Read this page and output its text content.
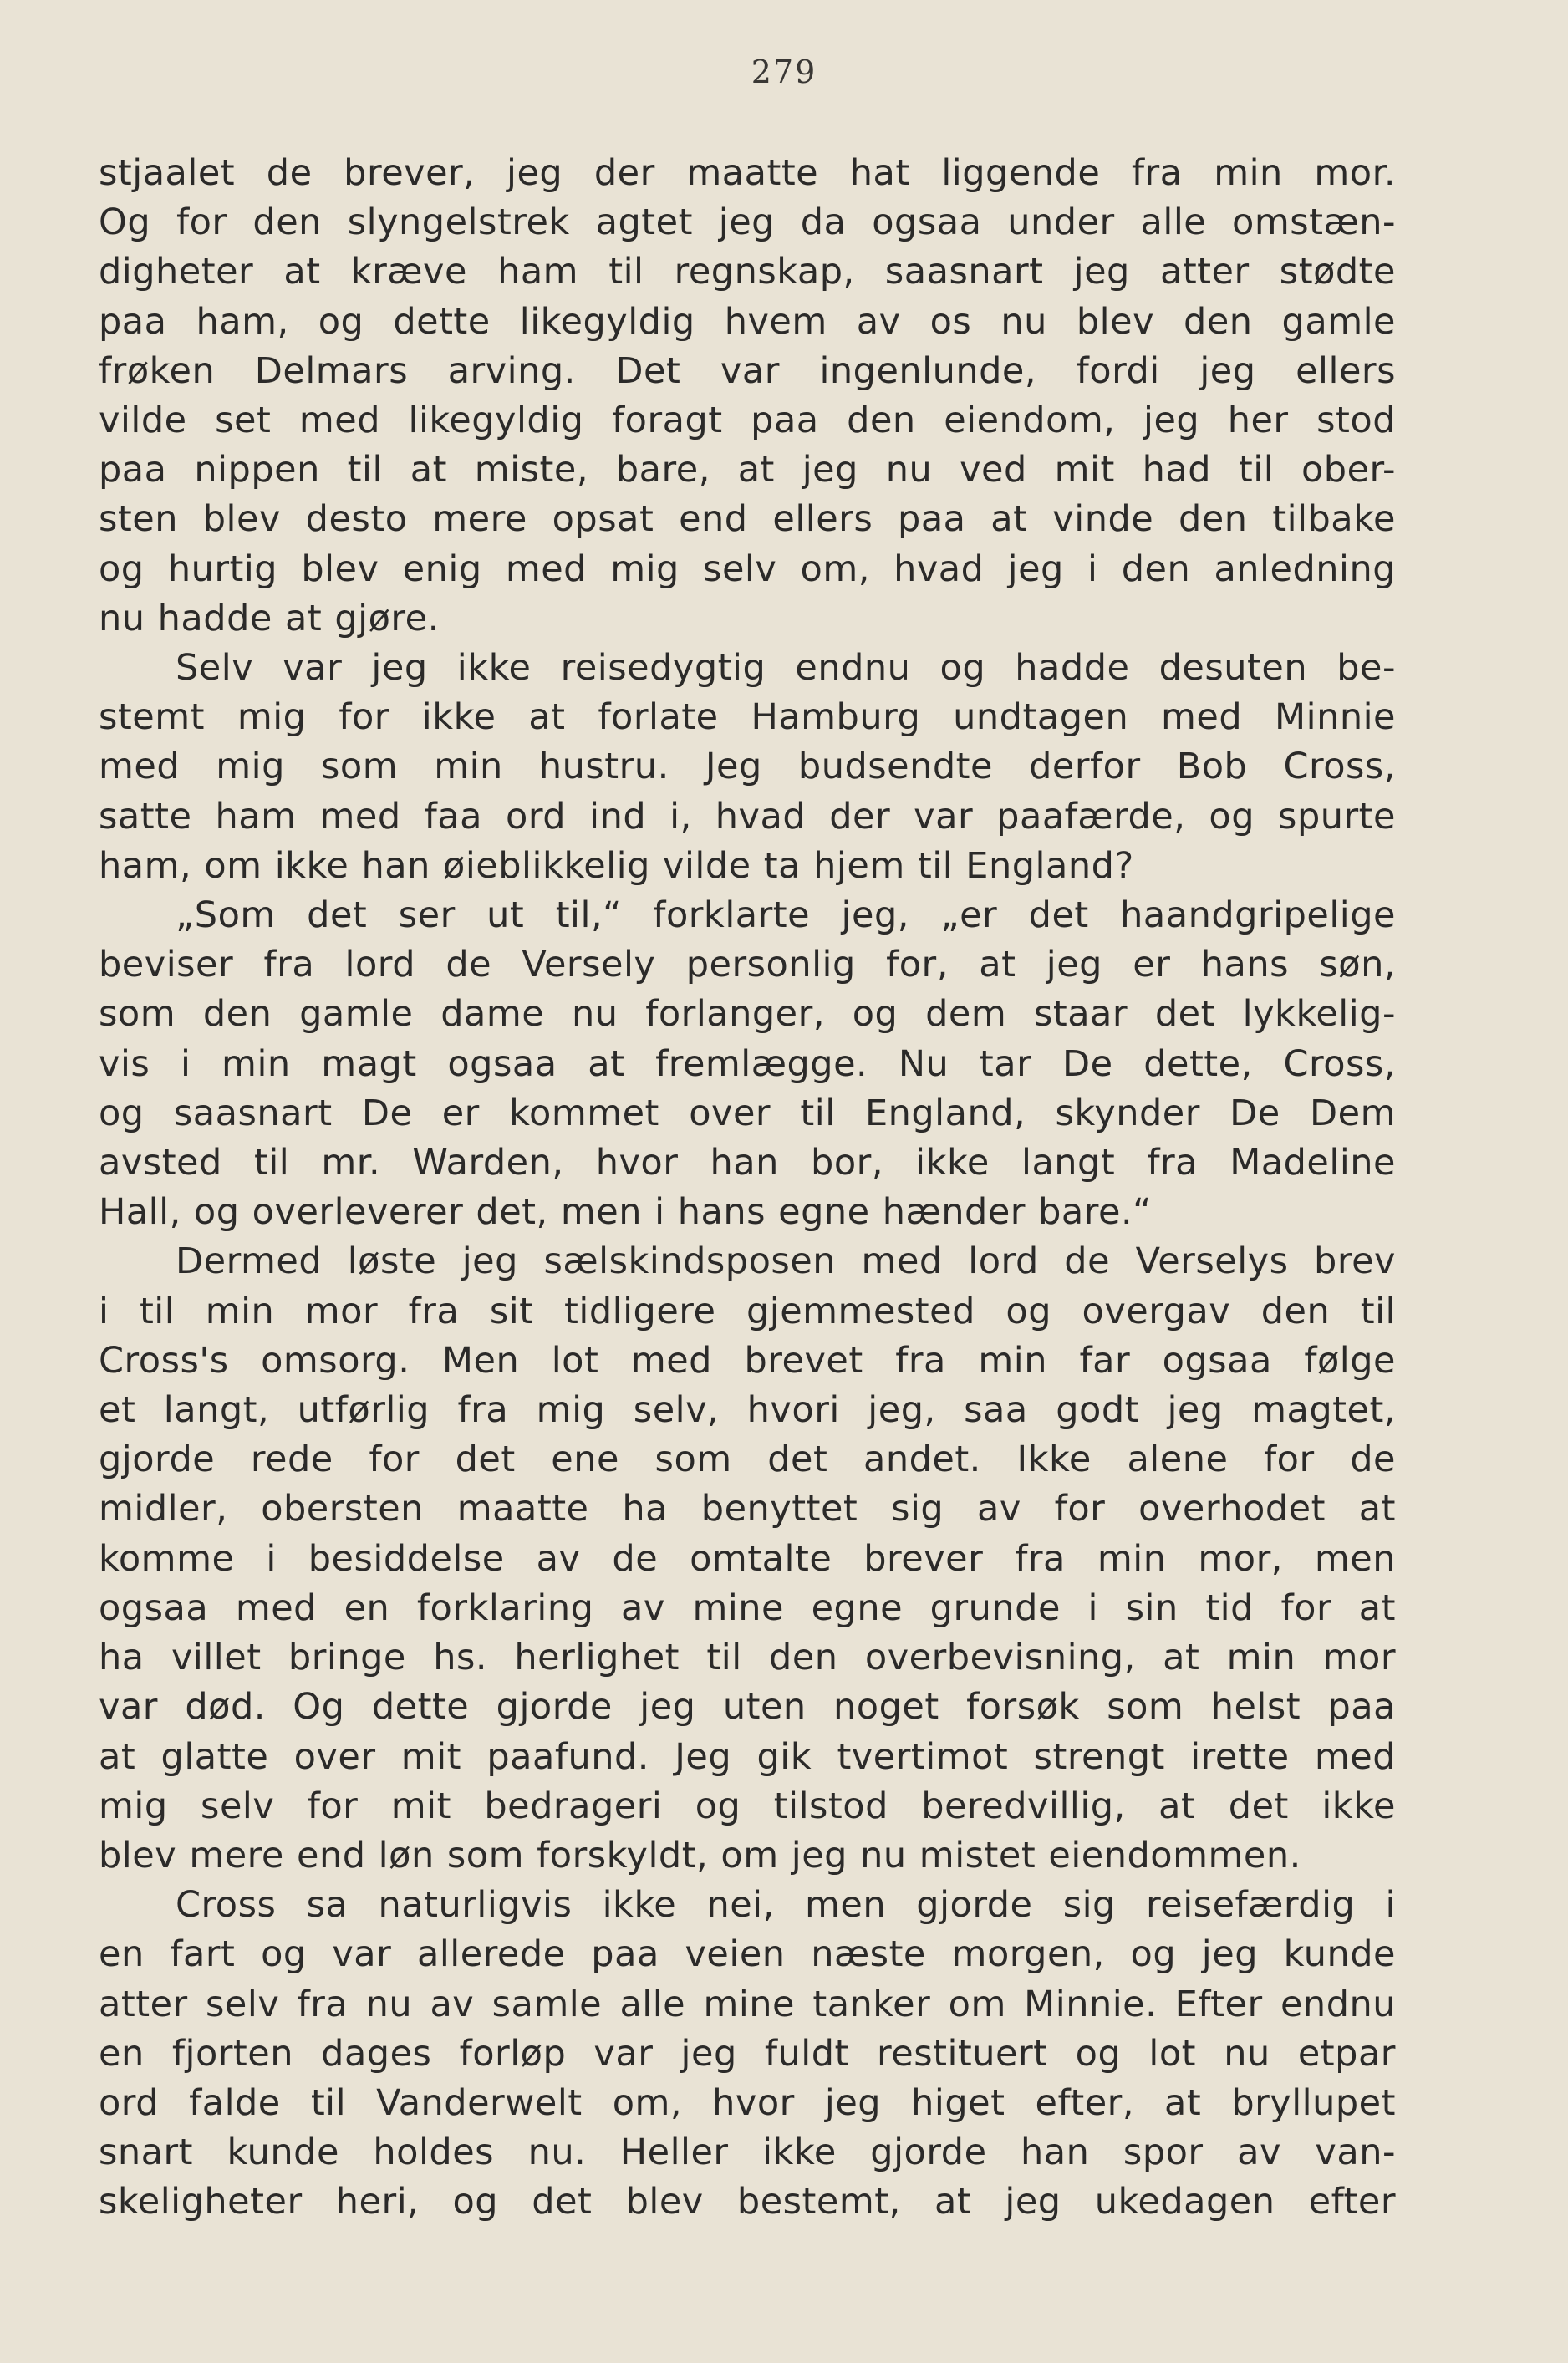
279
stjaalet de brever, jeg der maatte hat liggende fra min mor.
Og for den slyngelstrek agtet jeg da ogsaa under alle omstæn-
digheter at kræve ham til regnskap, saasnart jeg atter stødte
paa ham, og dette likegyldig hvem av os nu blev den gamle
frøken Delmars arving. Det var ingenlunde, fordi jeg ellers
vilde set med likegyldig foragt paa den eiendom, jeg her stod
paa nippen til at miste, bare, at jeg nu ved mit had til ober-
sten blev desto mere opsat end ellers paa at vinde den tilbake
og hurtig blev enig med mig selv om, hvad jeg i den anledning
nu hadde at gjøre.
Selv var jeg ikke reisedygtig endnu og hadde desuten be-
stemt mig for ikke at forlate Hamburg undtagen med Minnie
med mig som min hustru. Jeg budsendte derfor Bob Cross,
satte ham med faa ord ind i, hvad der var paafærde, og spurte
ham, om ikke han øieblikkelig vilde ta hjem til England?
„Som det ser ut til,“ forklarte jeg, „er det haandgripelige
beviser fra lord de Versely personlig for, at jeg er hans søn,
som den gamle dame nu forlanger, og dem staar det lykkelig-
vis i min magt ogsaa at fremlægge. Nu tar De dette, Cross,
og saasnart De er kommet over til England, skynder De Dem
avsted til mr. Warden, hvor han bor, ikke langt fra Madeline
Hall, og overleverer det, men i hans egne hænder bare.“
Dermed løste jeg sælskindsposen med lord de Verselys brev
i til min mor fra sit tidligere gjemmested og overgav den til
Cross's omsorg. Men lot med brevet fra min far ogsaa følge
et langt, utførlig fra mig selv, hvori jeg, saa godt jeg magtet,
gjorde rede for det ene som det andet. Ikke alene for de
midler, obersten maatte ha benyttet sig av for overhodet at
komme i besiddelse av de omtalte brever fra min mor, men
ogsaa med en forklaring av mine egne grunde i sin tid for at
ha villet bringe hs. herlighet til den overbevisning, at min mor
var død. Og dette gjorde jeg uten noget forsøk som helst paa
at glatte over mit paafund. Jeg gik tvertimot strengt irette med
mig selv for mit bedrageri og tilstod beredvillig, at det ikke
blev mere end løn som forskyldt, om jeg nu mistet eiendommen.
Cross sa naturligvis ikke nei, men gjorde sig reisefærdig i
en fart og var allerede paa veien næste morgen, og jeg kunde
atter selv fra nu av samle alle mine tanker om Minnie. Efter endnu
en fjorten dages forløp var jeg fuldt restituert og lot nu etpar
ord falde til Vanderwelt om, hvor jeg higet efter, at bryllupet
snart kunde holdes nu. Heller ikke gjorde han spor av van-
skeligheter heri, og det blev bestemt, at jeg ukedagen efter
